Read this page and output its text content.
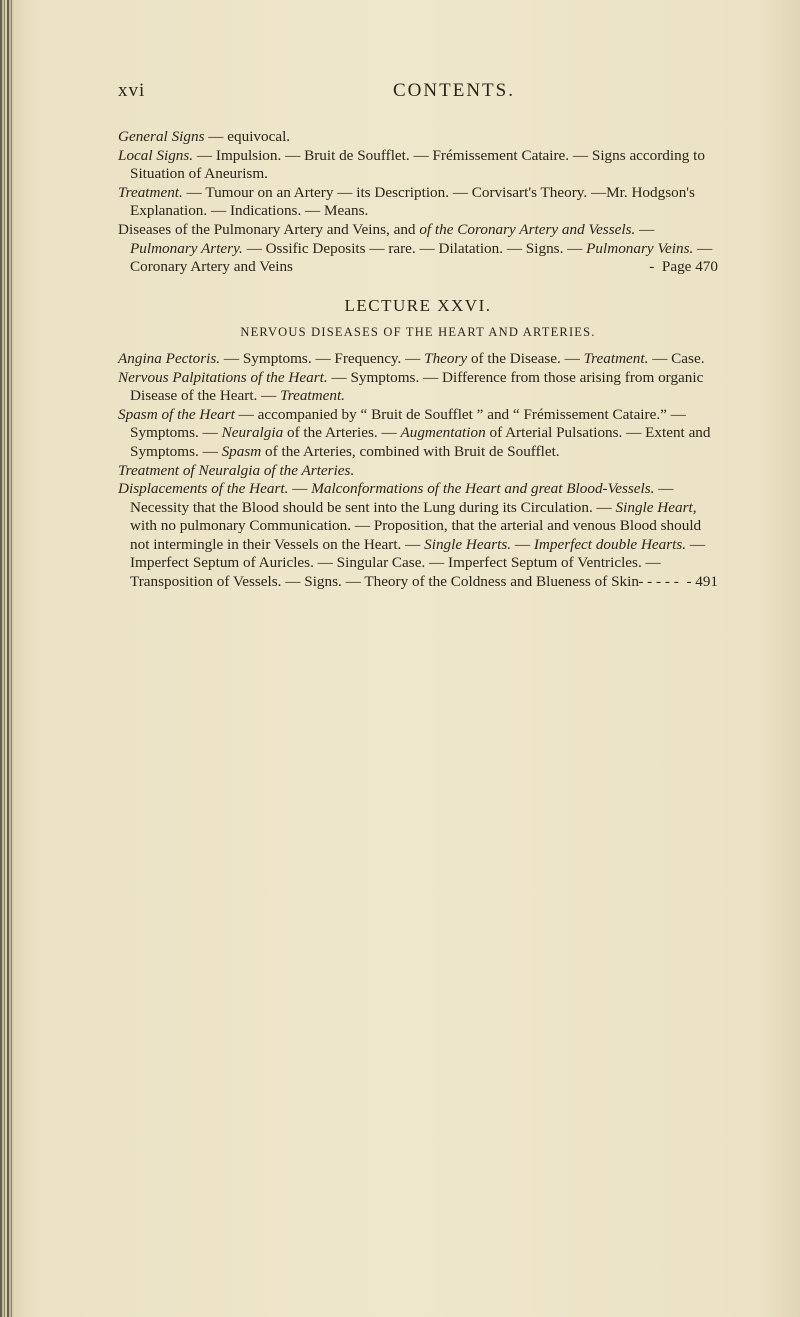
xvi	CONTENTS.

General Signs — equivocal.

Local Signs. — Impulsion. — Bruit de Soufflet. — Frémissement Cataire. — Signs according to Situation of Aneurism.

Treatment. — Tumour on an Artery — its Description. — Corvisart's Theory. —Mr. Hodgson's Explanation. — Indications. — Means.

Diseases of the Pulmonary Artery and Veins, and of the Coronary Artery and Vessels. — Pulmonary Artery. — Ossific Deposits — rare. — Dilatation. — Signs. — Pulmonary Veins. — Coronary Artery and Veins	- Page 470

LECTURE XXVI.
NERVOUS DISEASES OF THE HEART AND ARTERIES.

Angina Pectoris. — Symptoms. — Frequency. — Theory of the Disease. — Treatment. — Case.

Nervous Palpitations of the Heart. — Symptoms. — Difference from those arising from organic Disease of the Heart. — Treatment.

Spasm of the Heart — accompanied by “ Bruit de Soufflet ” and “ Frémissement Cataire.” — Symptoms. — Neuralgia of the Arteries. — Augmentation of Arterial Pulsations. — Extent and Symptoms. — Spasm of the Arteries, combined with Bruit de Soufflet.

Treatment of Neuralgia of the Arteries.

Displacements of the Heart. — Malconformations of the Heart and great Blood-Vessels. — Necessity that the Blood should be sent into the Lung during its Circulation. — Single Heart, with no pulmonary Communication. — Proposition, that the arterial and venous Blood should not intermingle in their Vessels on the Heart. — Single Hearts. — Imperfect double Hearts. — Imperfect Septum of Auricles. — Singular Case. — Imperfect Septum of Ventricles. — Transposition of Vessels. — Signs. — Theory of the Coldness and Blueness of Skin - - - - -  - 491
